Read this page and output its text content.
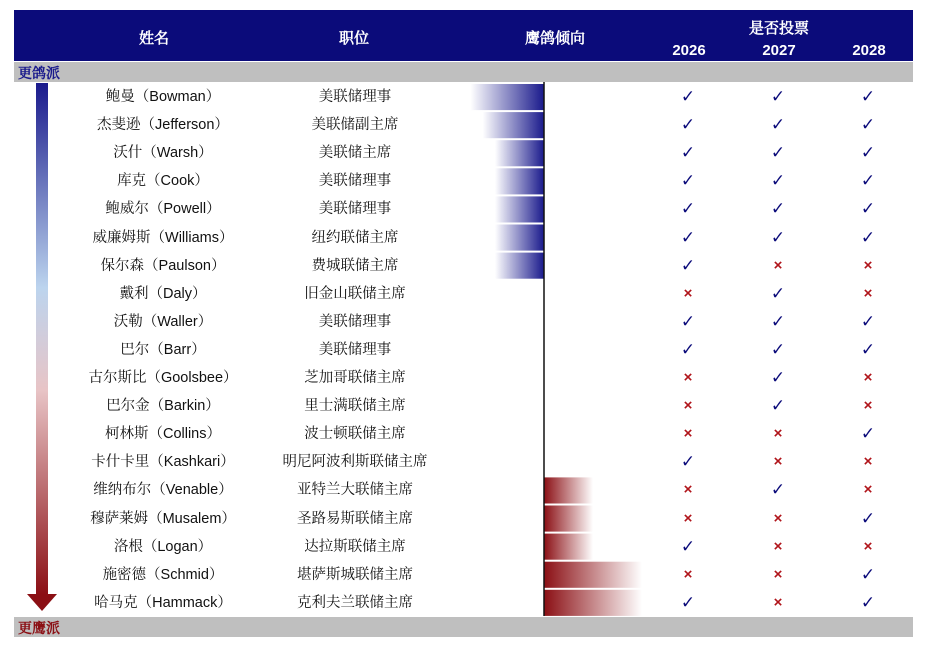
姓名	职位	鹰鸽倾向
是否投票
2026	2027	2028
更鸽派
更鹰派
鲍曼（Bowman）	美联储理事	✓	✓	✓
杰斐逊（Jefferson）	美联储副主席	✓	✓	✓
沃什（Warsh）	美联储主席	✓	✓	✓
库克（Cook）	美联储理事	✓	✓	✓
鲍威尔（Powell）	美联储理事	✓	✓	✓
威廉姆斯（Williams）	纽约联储主席	✓	✓	✓
保尔森（Paulson）	费城联储主席	✓	×	×
戴利（Daly）	旧金山联储主席	×	✓	×
沃勒（Waller）	美联储理事	✓	✓	✓
巴尔（Barr）	美联储理事	✓	✓	✓
古尔斯比（Goolsbee）	芝加哥联储主席	×	✓	×
巴尔金（Barkin）	里士满联储主席	×	✓	×
柯林斯（Collins）	波士顿联储主席	×	×	✓
卡什卡里（Kashkari）	明尼阿波利斯联储主席	✓	×	×
维纳布尔（Venable）	亚特兰大联储主席	×	✓	×
穆萨莱姆（Musalem）	圣路易斯联储主席	×	×	✓
洛根（Logan）	达拉斯联储主席	✓	×	×
施密德（Schmid）	堪萨斯城联储主席	×	×	✓
哈马克（Hammack）	克利夫兰联储主席	✓	×	✓
